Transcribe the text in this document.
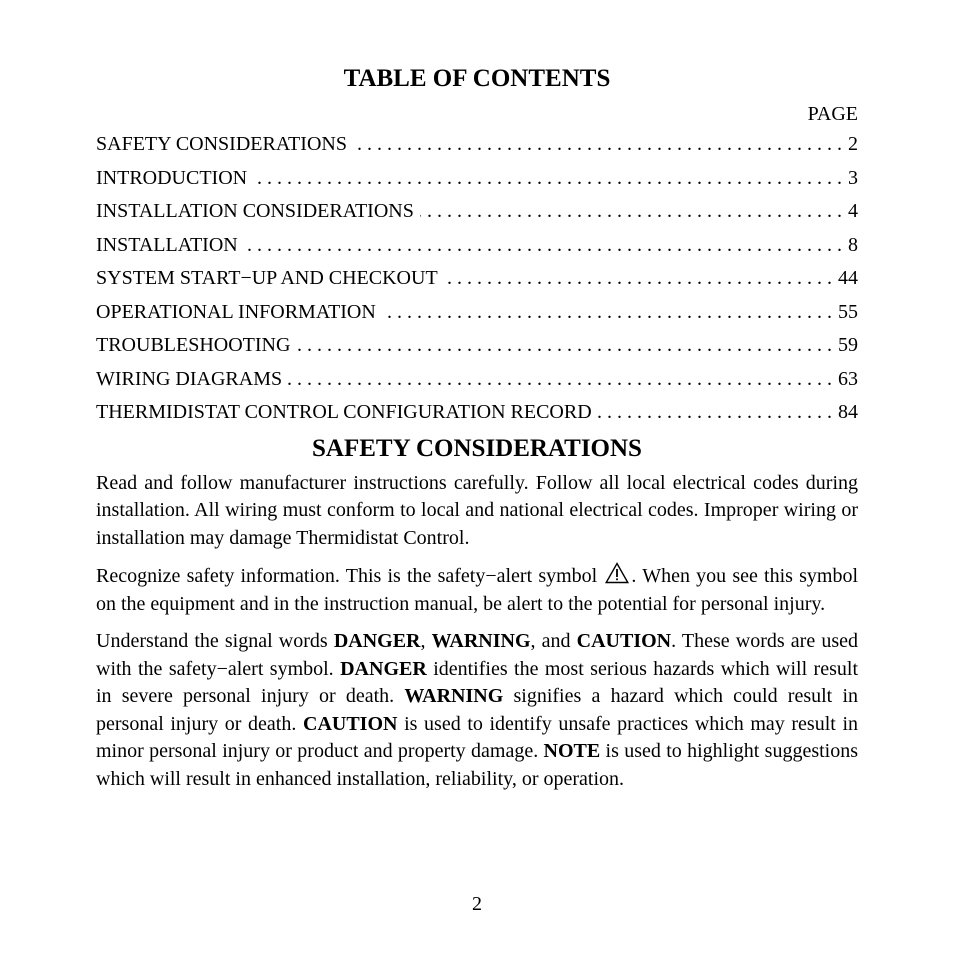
TABLE OF CONTENTS
PAGE
SAFETY CONSIDERATIONS . . .	2
INTRODUCTION . . .	3
INSTALLATION CONSIDERATIONS . . .	4
INSTALLATION . . .	8
SYSTEM START−UP AND CHECKOUT . . .	44
OPERATIONAL INFORMATION . . .	55
TROUBLESHOOTING . . .	59
WIRING DIAGRAMS . . .	63
THERMIDISTAT CONTROL CONFIGURATION RECORD . . .	84
SAFETY CONSIDERATIONS

Read and follow manufacturer instructions carefully. Follow all local electrical codes during installation. All wiring must conform to local and national electrical codes. Improper wiring or installation may damage Thermidistat Control.

Recognize safety information. This is the safety−alert symbol . When you see this symbol on the equipment and in the instruction manual, be alert to the potential for personal injury.

Understand the signal words DANGER, WARNING, and CAUTION. These words are used with the safety−alert symbol. DANGER identifies the most serious hazards which will result in severe personal injury or death. WARNING signifies a hazard which could result in personal injury or death. CAUTION is used to identify unsafe practices which may result in minor personal injury or product and property damage. NOTE is used to highlight suggestions which will result in enhanced installation, reliability, or operation.

2
